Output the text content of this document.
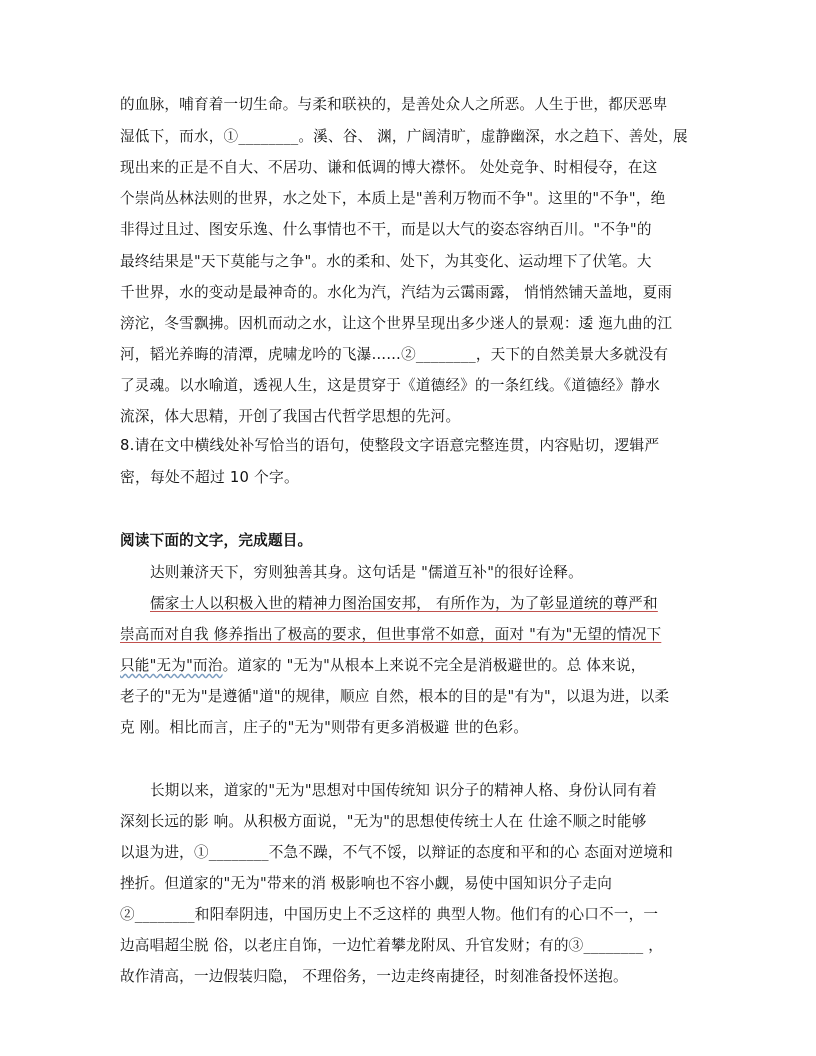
的血脉，哺育着一切生命。与柔和联袂的，是善处众人之所恶。人生于世，都厌恶卑
湿低下，而水，①________。溪、谷、 渊，广阔清旷，虚静幽深，水之趋下、善处，展
现出来的正是不自大、不居功、谦和低调的博大襟怀。 处处竞争、时相侵夺，在这
个崇尚丛林法则的世界，水之处下，本质上是"善利万物而不争"。这里的"不争"，绝
非得过且过、图安乐逸、什么事情也不干，而是以大气的姿态容纳百川。"不争"的
最终结果是"天下莫能与之争"。水的柔和、处下，为其变化、运动埋下了伏笔。大
千世界，水的变动是最神奇的。水化为汽，汽结为云霭雨露， 悄悄然铺天盖地，夏雨
滂沱，冬雪飘拂。因机而动之水，让这个世界呈现出多少迷人的景观：逶 迤九曲的江
河，韬光养晦的清潭，虎啸龙吟的飞瀑……②________，天下的自然美景大多就没有
了灵魂。以水喻道，透视人生，这是贯穿于《道德经》的一条红线。《道德经》静水
流深，体大思精，开创了我国古代哲学思想的先河。
8.请在文中横线处补写恰当的语句，使整段文字语意完整连贯，内容贴切，逻辑严
密，每处不超过 10 个字。
阅读下面的文字，完成题目。
达则兼济天下，穷则独善其身。这句话是 "儒道互补"的很好诠释。
儒家士人以积极入世的精神力图治国安邦， 有所作为，为了彰显道统的尊严和
崇高而对自我 修养指出了极高的要求，但世事常不如意，面对 "有为"无望的情况下
只能"无为"而治。道家的 "无为"从根本上来说不完全是消极避世的。总 体来说，
老子的"无为"是遵循"道"的规律，顺应 自然，根本的目的是"有为"，以退为进，以柔
克 刚。相比而言，庄子的"无为"则带有更多消极避 世的色彩。
长期以来，道家的"无为"思想对中国传统知 识分子的精神人格、身份认同有着
深刻长远的影 响。从积极方面说，"无为"的思想使传统士人在 仕途不顺之时能够
以退为进，①________不急不躁，不气不馁，以辩证的态度和平和的心 态面对逆境和
挫折。但道家的"无为"带来的消 极影响也不容小觑，易使中国知识分子走向
②________和阳奉阴违，中国历史上不乏这样的 典型人物。他们有的心口不一，一
边高唱超尘脱 俗，以老庄自饰，一边忙着攀龙附凤、升官发财；有的③________ ，
故作清高，一边假装归隐， 不理俗务，一边走终南捷径，时刻准备投怀送抱。
